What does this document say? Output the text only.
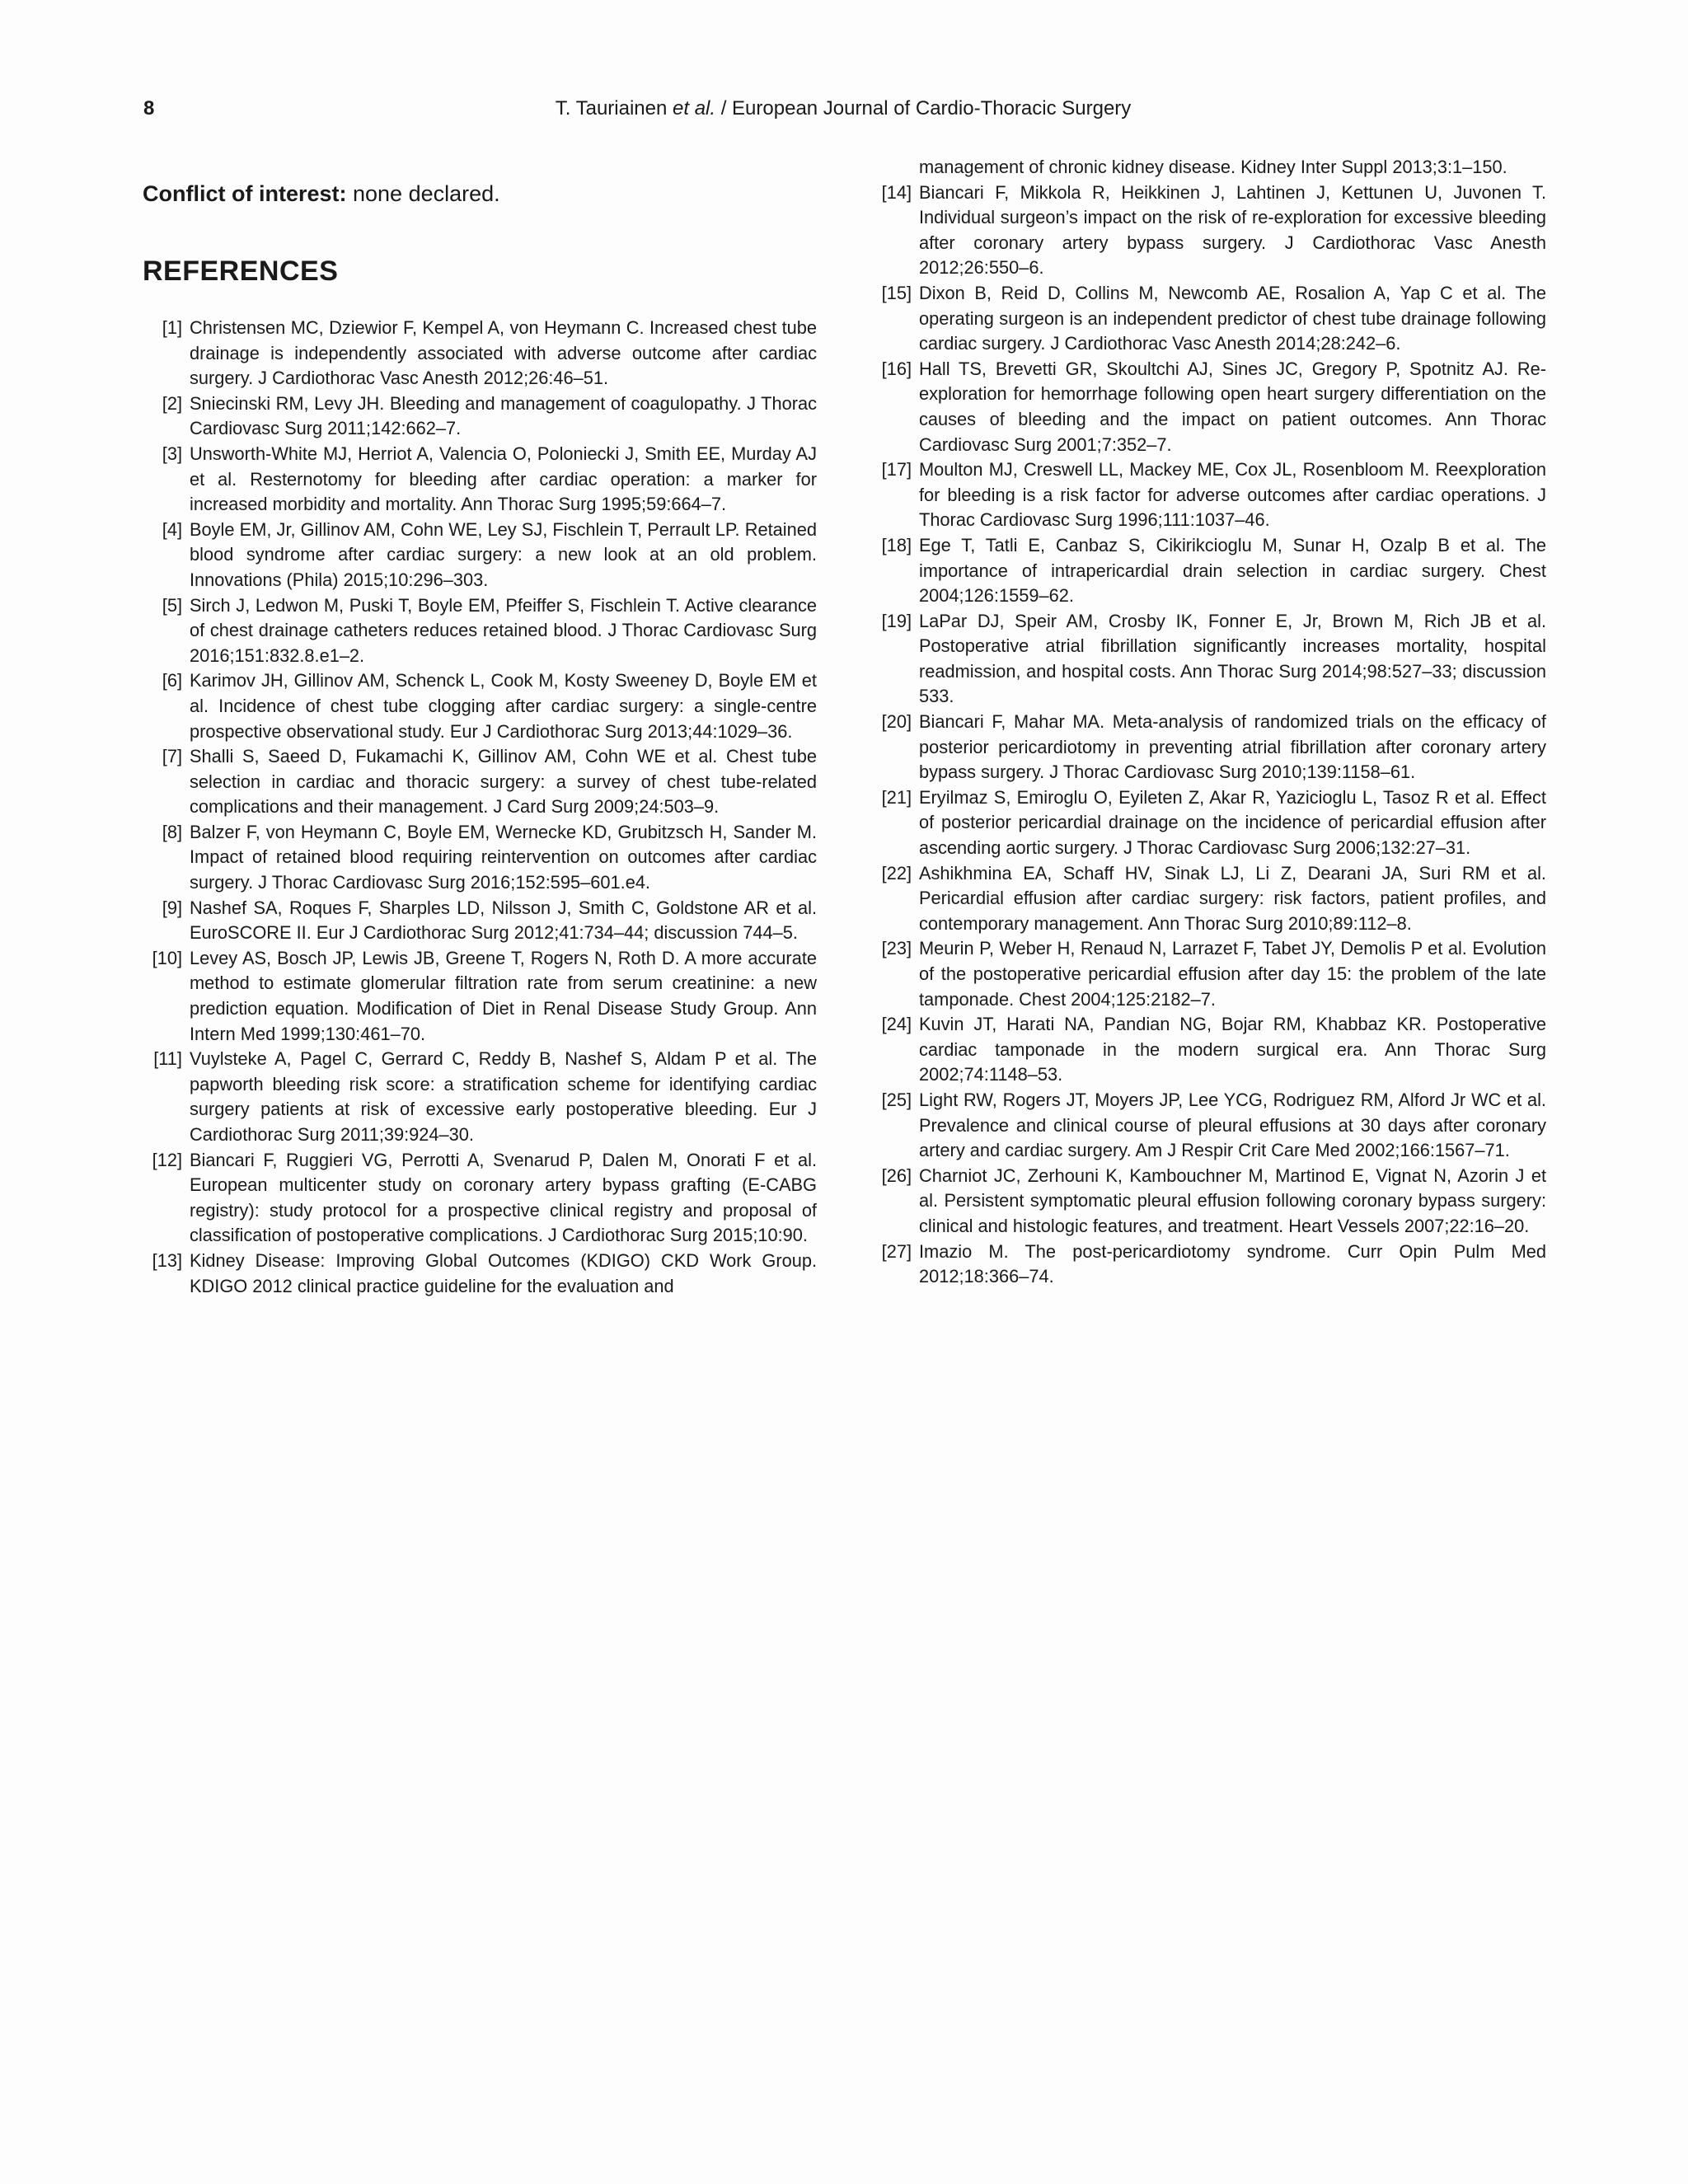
8	T. Tauriainen et al. / European Journal of Cardio-Thoracic Surgery

Conflict of interest: none declared.

REFERENCES
[1] Christensen MC, Dziewior F, Kempel A, von Heymann C. Increased chest tube drainage is independently associated with adverse outcome after cardiac surgery. J Cardiothorac Vasc Anesth 2012;26:46–51.
[2] Sniecinski RM, Levy JH. Bleeding and management of coagulopathy. J Thorac Cardiovasc Surg 2011;142:662–7.
[3] Unsworth-White MJ, Herriot A, Valencia O, Poloniecki J, Smith EE, Murday AJ et al. Resternotomy for bleeding after cardiac operation: a marker for increased morbidity and mortality. Ann Thorac Surg 1995;59:664–7.
[4] Boyle EM, Jr, Gillinov AM, Cohn WE, Ley SJ, Fischlein T, Perrault LP. Retained blood syndrome after cardiac surgery: a new look at an old problem. Innovations (Phila) 2015;10:296–303.
[5] Sirch J, Ledwon M, Puski T, Boyle EM, Pfeiffer S, Fischlein T. Active clearance of chest drainage catheters reduces retained blood. J Thorac Cardiovasc Surg 2016;151:832.8.e1–2.
[6] Karimov JH, Gillinov AM, Schenck L, Cook M, Kosty Sweeney D, Boyle EM et al. Incidence of chest tube clogging after cardiac surgery: a single-centre prospective observational study. Eur J Cardiothorac Surg 2013;44:1029–36.
[7] Shalli S, Saeed D, Fukamachi K, Gillinov AM, Cohn WE et al. Chest tube selection in cardiac and thoracic surgery: a survey of chest tube-related complications and their management. J Card Surg 2009;24:503–9.
[8] Balzer F, von Heymann C, Boyle EM, Wernecke KD, Grubitzsch H, Sander M. Impact of retained blood requiring reintervention on outcomes after cardiac surgery. J Thorac Cardiovasc Surg 2016;152:595–601.e4.
[9] Nashef SA, Roques F, Sharples LD, Nilsson J, Smith C, Goldstone AR et al. EuroSCORE II. Eur J Cardiothorac Surg 2012;41:734–44; discussion 744–5.
[10] Levey AS, Bosch JP, Lewis JB, Greene T, Rogers N, Roth D. A more accurate method to estimate glomerular filtration rate from serum creatinine: a new prediction equation. Modification of Diet in Renal Disease Study Group. Ann Intern Med 1999;130:461–70.
[11] Vuylsteke A, Pagel C, Gerrard C, Reddy B, Nashef S, Aldam P et al. The papworth bleeding risk score: a stratification scheme for identifying cardiac surgery patients at risk of excessive early postoperative bleeding. Eur J Cardiothorac Surg 2011;39:924–30.
[12] Biancari F, Ruggieri VG, Perrotti A, Svenarud P, Dalen M, Onorati F et al. European multicenter study on coronary artery bypass grafting (E-CABG registry): study protocol for a prospective clinical registry and proposal of classification of postoperative complications. J Cardiothorac Surg 2015;10:90.
[13] Kidney Disease: Improving Global Outcomes (KDIGO) CKD Work Group. KDIGO 2012 clinical practice guideline for the evaluation and
management of chronic kidney disease. Kidney Inter Suppl 2013;3:1–150.
[14] Biancari F, Mikkola R, Heikkinen J, Lahtinen J, Kettunen U, Juvonen T. Individual surgeon’s impact on the risk of re-exploration for excessive bleeding after coronary artery bypass surgery. J Cardiothorac Vasc Anesth 2012;26:550–6.
[15] Dixon B, Reid D, Collins M, Newcomb AE, Rosalion A, Yap C et al. The operating surgeon is an independent predictor of chest tube drainage following cardiac surgery. J Cardiothorac Vasc Anesth 2014;28:242–6.
[16] Hall TS, Brevetti GR, Skoultchi AJ, Sines JC, Gregory P, Spotnitz AJ. Re-exploration for hemorrhage following open heart surgery differentiation on the causes of bleeding and the impact on patient outcomes. Ann Thorac Cardiovasc Surg 2001;7:352–7.
[17] Moulton MJ, Creswell LL, Mackey ME, Cox JL, Rosenbloom M. Reexploration for bleeding is a risk factor for adverse outcomes after cardiac operations. J Thorac Cardiovasc Surg 1996;111:1037–46.
[18] Ege T, Tatli E, Canbaz S, Cikirikcioglu M, Sunar H, Ozalp B et al. The importance of intrapericardial drain selection in cardiac surgery. Chest 2004;126:1559–62.
[19] LaPar DJ, Speir AM, Crosby IK, Fonner E, Jr, Brown M, Rich JB et al. Postoperative atrial fibrillation significantly increases mortality, hospital readmission, and hospital costs. Ann Thorac Surg 2014;98:527–33; discussion 533.
[20] Biancari F, Mahar MA. Meta-analysis of randomized trials on the efficacy of posterior pericardiotomy in preventing atrial fibrillation after coronary artery bypass surgery. J Thorac Cardiovasc Surg 2010;139:1158–61.
[21] Eryilmaz S, Emiroglu O, Eyileten Z, Akar R, Yazicioglu L, Tasoz R et al. Effect of posterior pericardial drainage on the incidence of pericardial effusion after ascending aortic surgery. J Thorac Cardiovasc Surg 2006;132:27–31.
[22] Ashikhmina EA, Schaff HV, Sinak LJ, Li Z, Dearani JA, Suri RM et al. Pericardial effusion after cardiac surgery: risk factors, patient profiles, and contemporary management. Ann Thorac Surg 2010;89:112–8.
[23] Meurin P, Weber H, Renaud N, Larrazet F, Tabet JY, Demolis P et al. Evolution of the postoperative pericardial effusion after day 15: the problem of the late tamponade. Chest 2004;125:2182–7.
[24] Kuvin JT, Harati NA, Pandian NG, Bojar RM, Khabbaz KR. Postoperative cardiac tamponade in the modern surgical era. Ann Thorac Surg 2002;74:1148–53.
[25] Light RW, Rogers JT, Moyers JP, Lee YCG, Rodriguez RM, Alford Jr WC et al. Prevalence and clinical course of pleural effusions at 30 days after coronary artery and cardiac surgery. Am J Respir Crit Care Med 2002;166:1567–71.
[26] Charniot JC, Zerhouni K, Kambouchner M, Martinod E, Vignat N, Azorin J et al. Persistent symptomatic pleural effusion following coronary bypass surgery: clinical and histologic features, and treatment. Heart Vessels 2007;22:16–20.
[27] Imazio M. The post-pericardiotomy syndrome. Curr Opin Pulm Med 2012;18:366–74.
